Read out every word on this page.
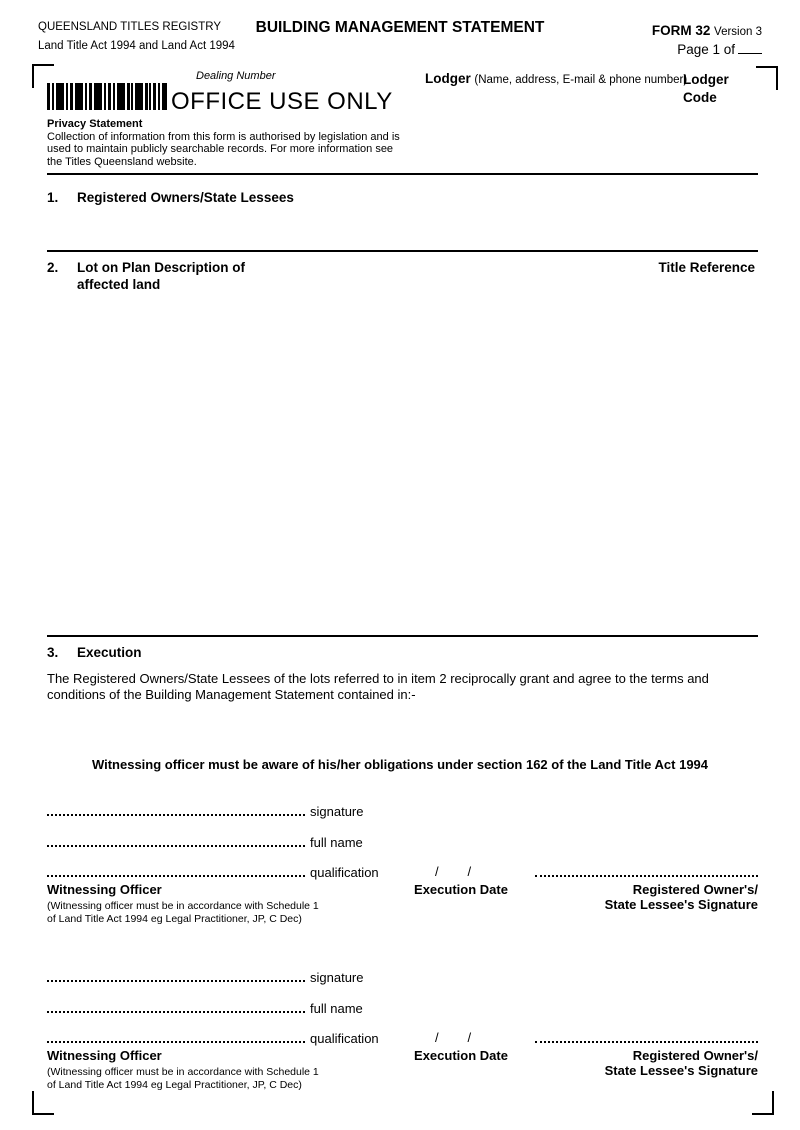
QUEENSLAND TITLES REGISTRY
Land Title Act 1994 and Land Act 1994
BUILDING MANAGEMENT STATEMENT	FORM 32 Version 3
Page 1 of
Dealing Number
OFFICE USE ONLY
Privacy Statement
Collection of information from this form is authorised by legislation and is used to maintain publicly searchable records. For more information see the Titles Queensland website.
Lodger (Name, address, E-mail & phone number)
Lodger Code
1. Registered Owners/State Lessees
2. Lot on Plan Description of
affected land
Title Reference
3. Execution
The Registered Owners/State Lessees of the lots referred to in item 2 reciprocally grant and agree to the terms and conditions of the Building Management Statement contained in:-
Witnessing officer must be aware of his/her obligations under section 162 of the Land Title Act 1994
signature
full name
qualification
Witnessing Officer
(Witnessing officer must be in accordance with Schedule 1
of Land Title Act 1994 eg Legal Practitioner, JP, C Dec)
/        /
Execution Date	Registered Owner's/
State Lessee's Signature
signature
full name
qualification
Witnessing Officer
(Witnessing officer must be in accordance with Schedule 1
of Land Title Act 1994 eg Legal Practitioner, JP, C Dec)
/        /
Execution Date	Registered Owner's/
State Lessee's Signature
